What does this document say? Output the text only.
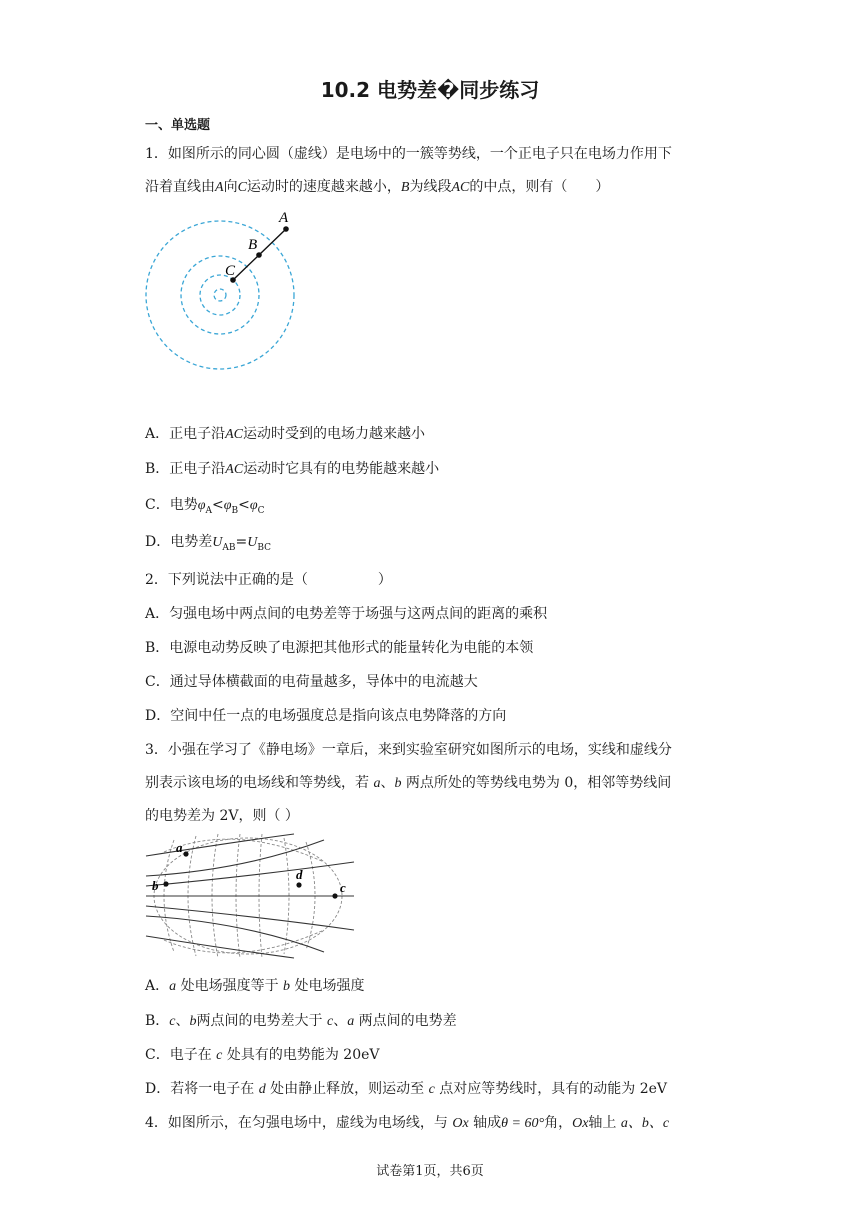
10.2 电势差�同步练习
一、单选题
1．如图所示的同心圆（虚线）是电场中的一簇等势线，一个正电子只在电场力作用下
沿着直线由A向C运动时的速度越来越小，B为线段AC的中点，则有（　　）
A
B
C
A．正电子沿AC运动时受到的电场力越来越小
B．正电子沿AC运动时它具有的电势能越来越小
C．电势$\varphi_A<\varphi_B<\varphi_C$
D．电势差$U_{AB}=U_{BC}$
2．下列说法中正确的是（　　　　　）
A．匀强电场中两点间的电势差等于场强与这两点间的距离的乘积
B．电源电动势反映了电源把其他形式的能量转化为电能的本领
C．通过导体横截面的电荷量越多，导体中的电流越大
D．空间中任一点的电场强度总是指向该点电势降落的方向
3．小强在学习了《静电场》一章后，来到实验室研究如图所示的电场，实线和虚线分
别表示该电场的电场线和等势线，若 a、b 两点所处的等势线电势为 0，相邻等势线间
的电势差为 2V，则（ ）
a
b
d
c
A．a 处电场强度等于 b 处电场强度
B．c、b两点间的电势差大于 c、a 两点间的电势差
C．电子在 c 处具有的电势能为 20eV
D．若将一电子在 d 处由静止释放，则运动至 c 点对应等势线时，具有的动能为 2eV
4．如图所示，在匀强电场中，虚线为电场线，与 Ox 轴成θ = 60°角，Ox轴上 a、b、c
试卷第1页，共6页
